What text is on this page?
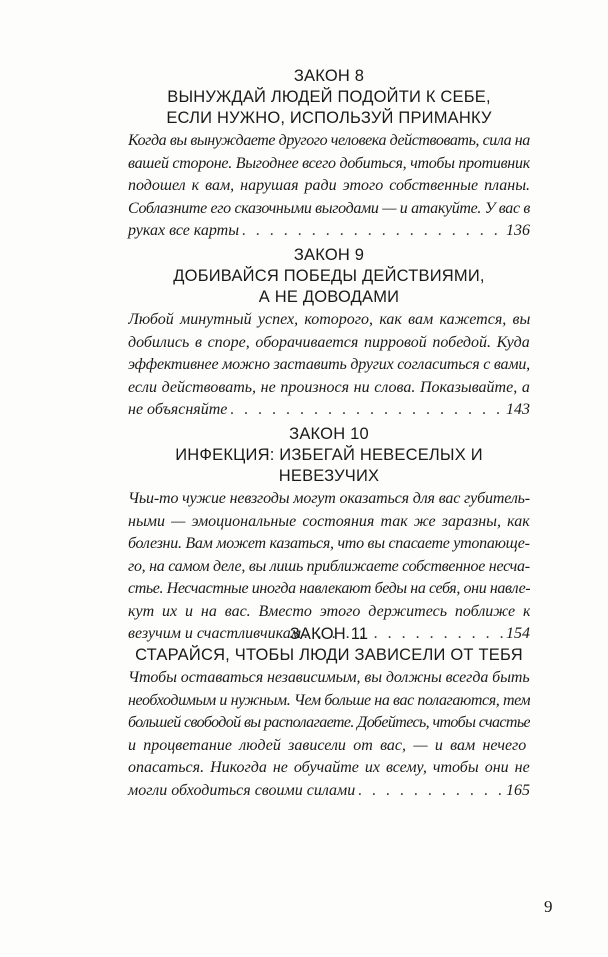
ЗАКОН 8
ВЫНУЖДАЙ ЛЮДЕЙ ПОДОЙТИ К СЕБЕ,
ЕСЛИ НУЖНО, ИСПОЛЬЗУЙ ПРИМАНКУ
Когда вы вынуждаете другого человека действовать, сила на
вашей стороне. Выгоднее всего добиться, чтобы противник
подошел к вам, нарушая ради этого собственные планы.
Соблазните его сказочными выгодами — и атакуйте. У вас в
руках все карты . . .	136
ЗАКОН 9
ДОБИВАЙСЯ ПОБЕДЫ ДЕЙСТВИЯМИ,
А НЕ ДОВОДАМИ
Любой минутный успех, которого, как вам кажется, вы
добились в споре, оборачивается пирровой победой. Куда
эффективнее можно заставить других согласиться с вами,
если действовать, не произнося ни слова. Показывайте, а
не объясняйте . . .	143
ЗАКОН 10
ИНФЕКЦИЯ: ИЗБЕГАЙ НЕВЕСЕЛЫХ И НЕВЕЗУЧИХ
Чьи-то чужие невзгоды могут оказаться для вас губитель-
ными — эмоциональные состояния так же заразны, как
болезни. Вам может казаться, что вы спасаете утопающе-
го, на самом деле, вы лишь приближаете собственное несча-
стье. Несчастные иногда навлекают беды на себя, они навле-
кут их и на вас. Вместо этого держитесь поближе к
везучим и счастливчикам . . .	154
ЗАКОН 11
СТАРАЙСЯ, ЧТОБЫ ЛЮДИ ЗАВИСЕЛИ ОТ ТЕБЯ
Чтобы оставаться независимым, вы должны всегда быть
необходимым и нужным. Чем больше на вас полагаются, тем
большей свободой вы располагаете. Добейтесь, чтобы счастье
и процветание людей зависели от вас, — и вам нечего
опасаться. Никогда не обучайте их всему, чтобы они не
могли обходиться своими силами . . .	165
9
